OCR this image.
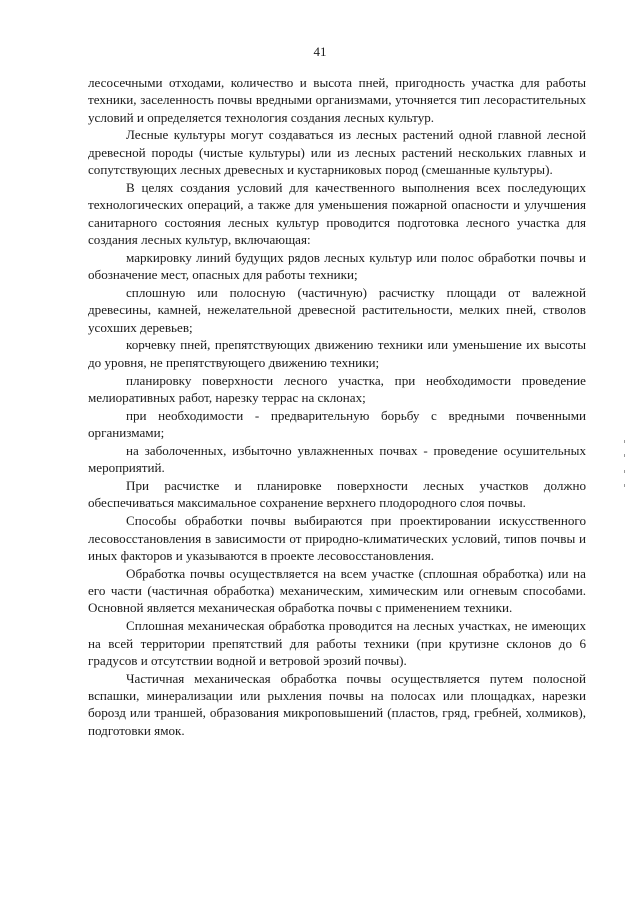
41

лесосечными отходами, количество и высота пней, пригодность участка для работы техники, заселенность почвы вредными организмами, уточняется тип лесорастительных условий и определяется технология создания лесных культур.

Лесные культуры могут создаваться из лесных растений одной главной лесной древесной породы (чистые культуры) или из лесных растений нескольких главных и сопутствующих лесных древесных и кустарниковых пород (смешанные культуры).

В целях создания условий для качественного выполнения всех последующих технологических операций, а также для уменьшения пожарной опасности и улучшения санитарного состояния лесных культур проводится подготовка лесного участка для создания лесных культур, включающая:

маркировку линий будущих рядов лесных культур или полос обработки почвы и обозначение мест, опасных для работы техники;

сплошную или полосную (частичную) расчистку площади от валежной древесины, камней, нежелательной древесной растительности, мелких пней, стволов усохших деревьев;

корчевку пней, препятствующих движению техники или уменьшение их высоты до уровня, не препятствующего движению техники;

планировку поверхности лесного участка, при необходимости проведение мелиоративных работ, нарезку террас на склонах;

при необходимости - предварительную борьбу с вредными почвенными организмами;

на заболоченных, избыточно увлажненных почвах - проведение осушительных мероприятий.

При расчистке и планировке поверхности лесных участков должно обеспечиваться максимальное сохранение верхнего плодородного слоя почвы.

Способы обработки почвы выбираются при проектировании искусственного лесовосстановления в зависимости от природно-климатических условий, типов почвы и иных факторов и указываются в проекте лесовосстановления.

Обработка почвы осуществляется на всем участке (сплошная обработка) или на его части (частичная обработка) механическим, химическим или огневым способами. Основной является механическая обработка почвы с применением техники.

Сплошная механическая обработка проводится на лесных участках, не имеющих на всей территории препятствий для работы техники (при крутизне склонов до 6 градусов и отсутствии водной и ветровой эрозий почвы).

Частичная механическая обработка почвы осуществляется путем полосной вспашки, минерализации или рыхления почвы на полосах или площадках, нарезки борозд или траншей, образования микроповышений (пластов, гряд, гребней, холмиков), подготовки ямок.
